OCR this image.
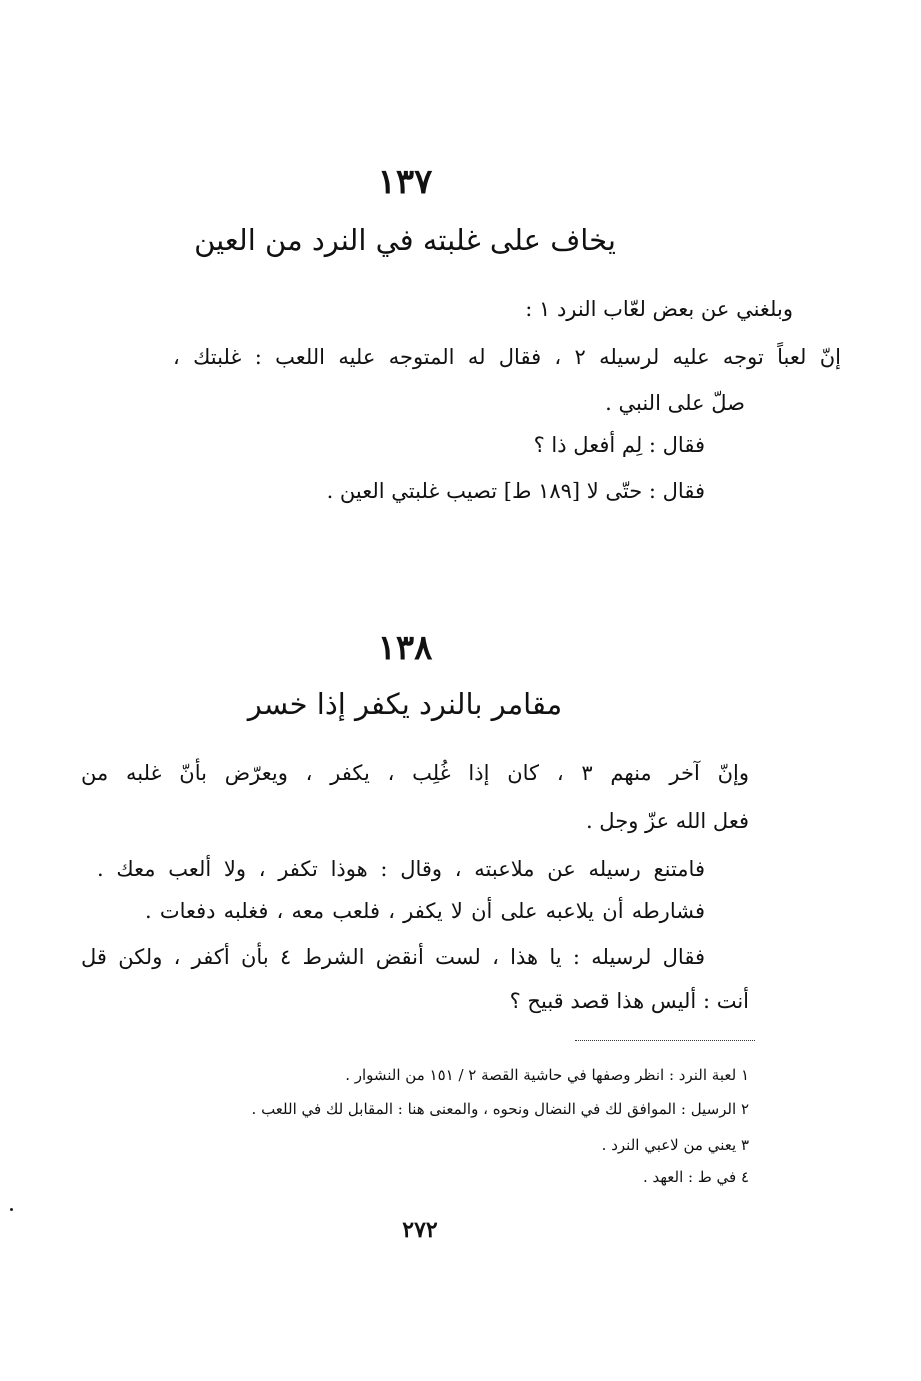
١٣٧
يخاف على غلبته في النرد من العين
وبلغني عن بعض لعّاب النرد ١ :
إنّ لعباً توجه عليه لرسيله ٢ ، فقال له المتوجه عليه اللعب : غلبتك ،
صلّ على النبي .
فقال : لِم أفعل ذا ؟
فقال : حتّى لا [١٨٩ ط] تصيب غلبتي العين .
١٣٨
مقامر بالنرد يكفر إذا خسر
وإنّ آخر منهم ٣ ، كان إذا غُلِب ، يكفر ، ويعرّض بأنّ غلبه من
فعل الله عزّ وجل .
فامتنع رسيله عن ملاعبته ، وقال : هوذا تكفر ، ولا ألعب معك .
فشارطه أن يلاعبه على أن لا يكفر ، فلعب معه ، فغلبه دفعات .
فقال لرسيله : يا هذا ، لست أنقض الشرط ٤ بأن أكفر ، ولكن قل
أنت : أليس هذا قصد قبيح ؟
١ لعبة النرد : انظر وصفها في حاشية القصة ٢ / ١٥١ من النشوار .
٢ الرسيل : الموافق لك في النضال ونحوه ، والمعنى هنا : المقابل لك في اللعب .
٣ يعني من لاعبي النرد .
٤ في ط : العهد .
٢٧٢
